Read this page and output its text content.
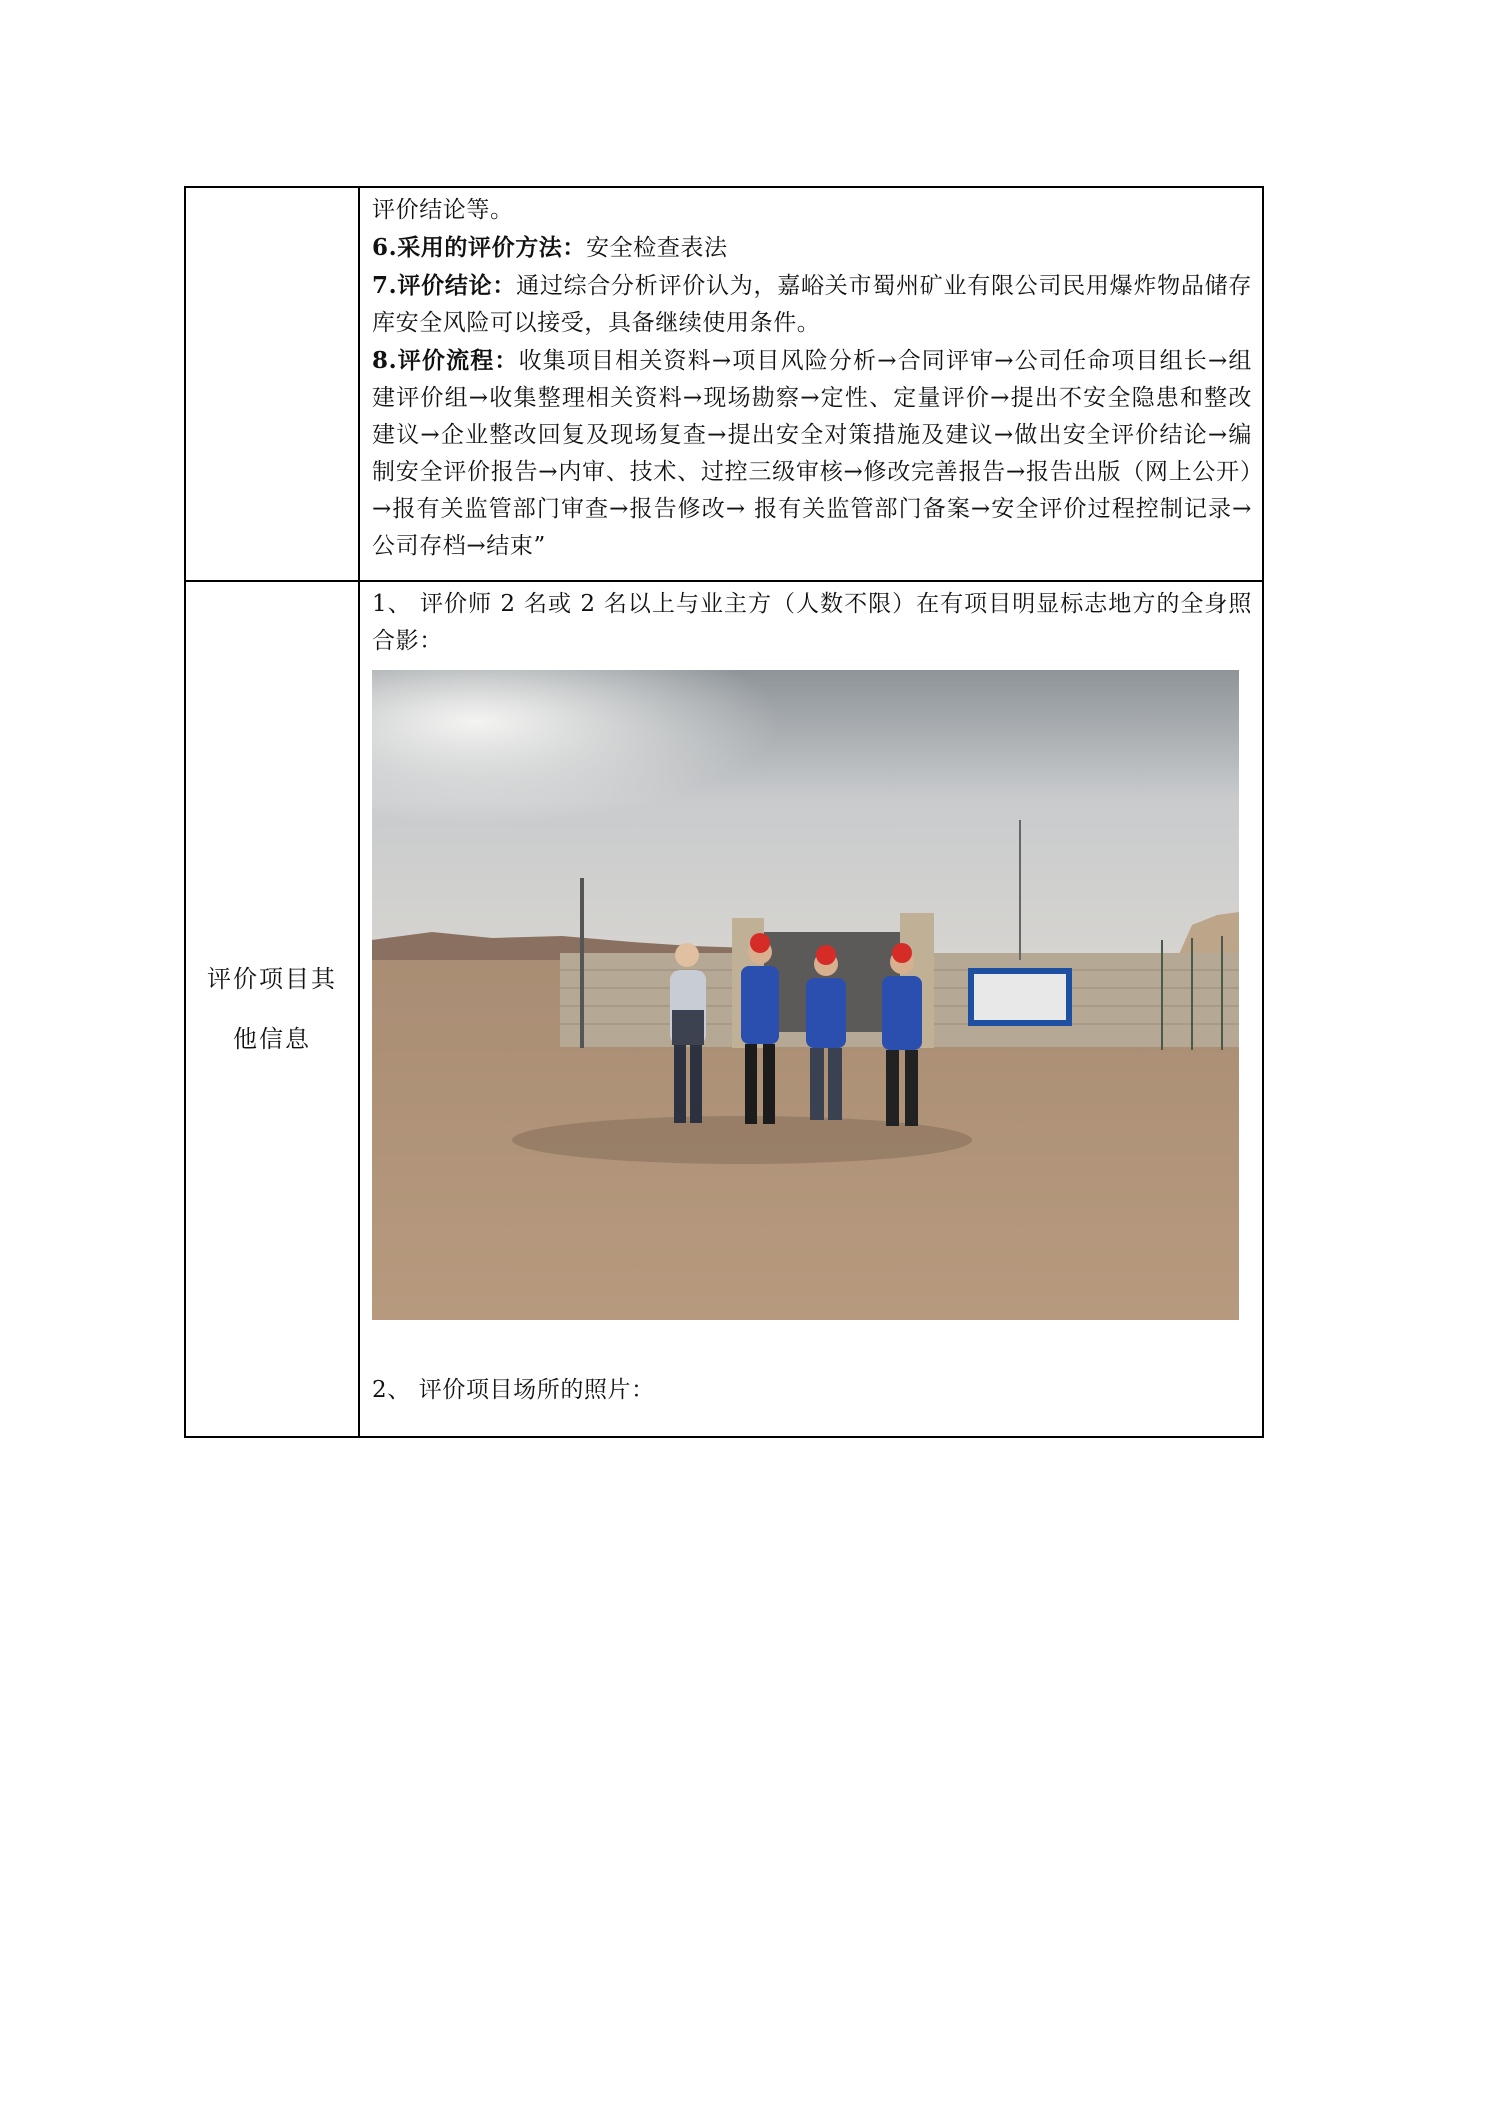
	评价结论等。

6.采用的评价方法：安全检查表法

7.评价结论：通过综合分析评价认为，嘉峪关市蜀州矿业有限公司民用爆炸物品储存库安全风险可以接受，具备继续使用条件。

8.评价流程：收集项目相关资料→项目风险分析→合同评审→公司任命项目组长→组建评价组→收集整理相关资料→现场勘察→定性、定量评价→提出不安全隐患和整改建议→企业整改回复及现场复查→提出安全对策措施及建议→做出安全评价结论→编制安全评价报告→内审、技术、过控三级审核→修改完善报告→报告出版（网上公开）→报有关监管部门审查→报告修改→ 报有关监管部门备案→安全评价过程控制记录→公司存档→结束”

评价项目其他信息	1、 评价师 2 名或 2 名以上与业主方（人数不限）在有项目明显标志地方的全身照合影：

2、 评价项目场所的照片：
